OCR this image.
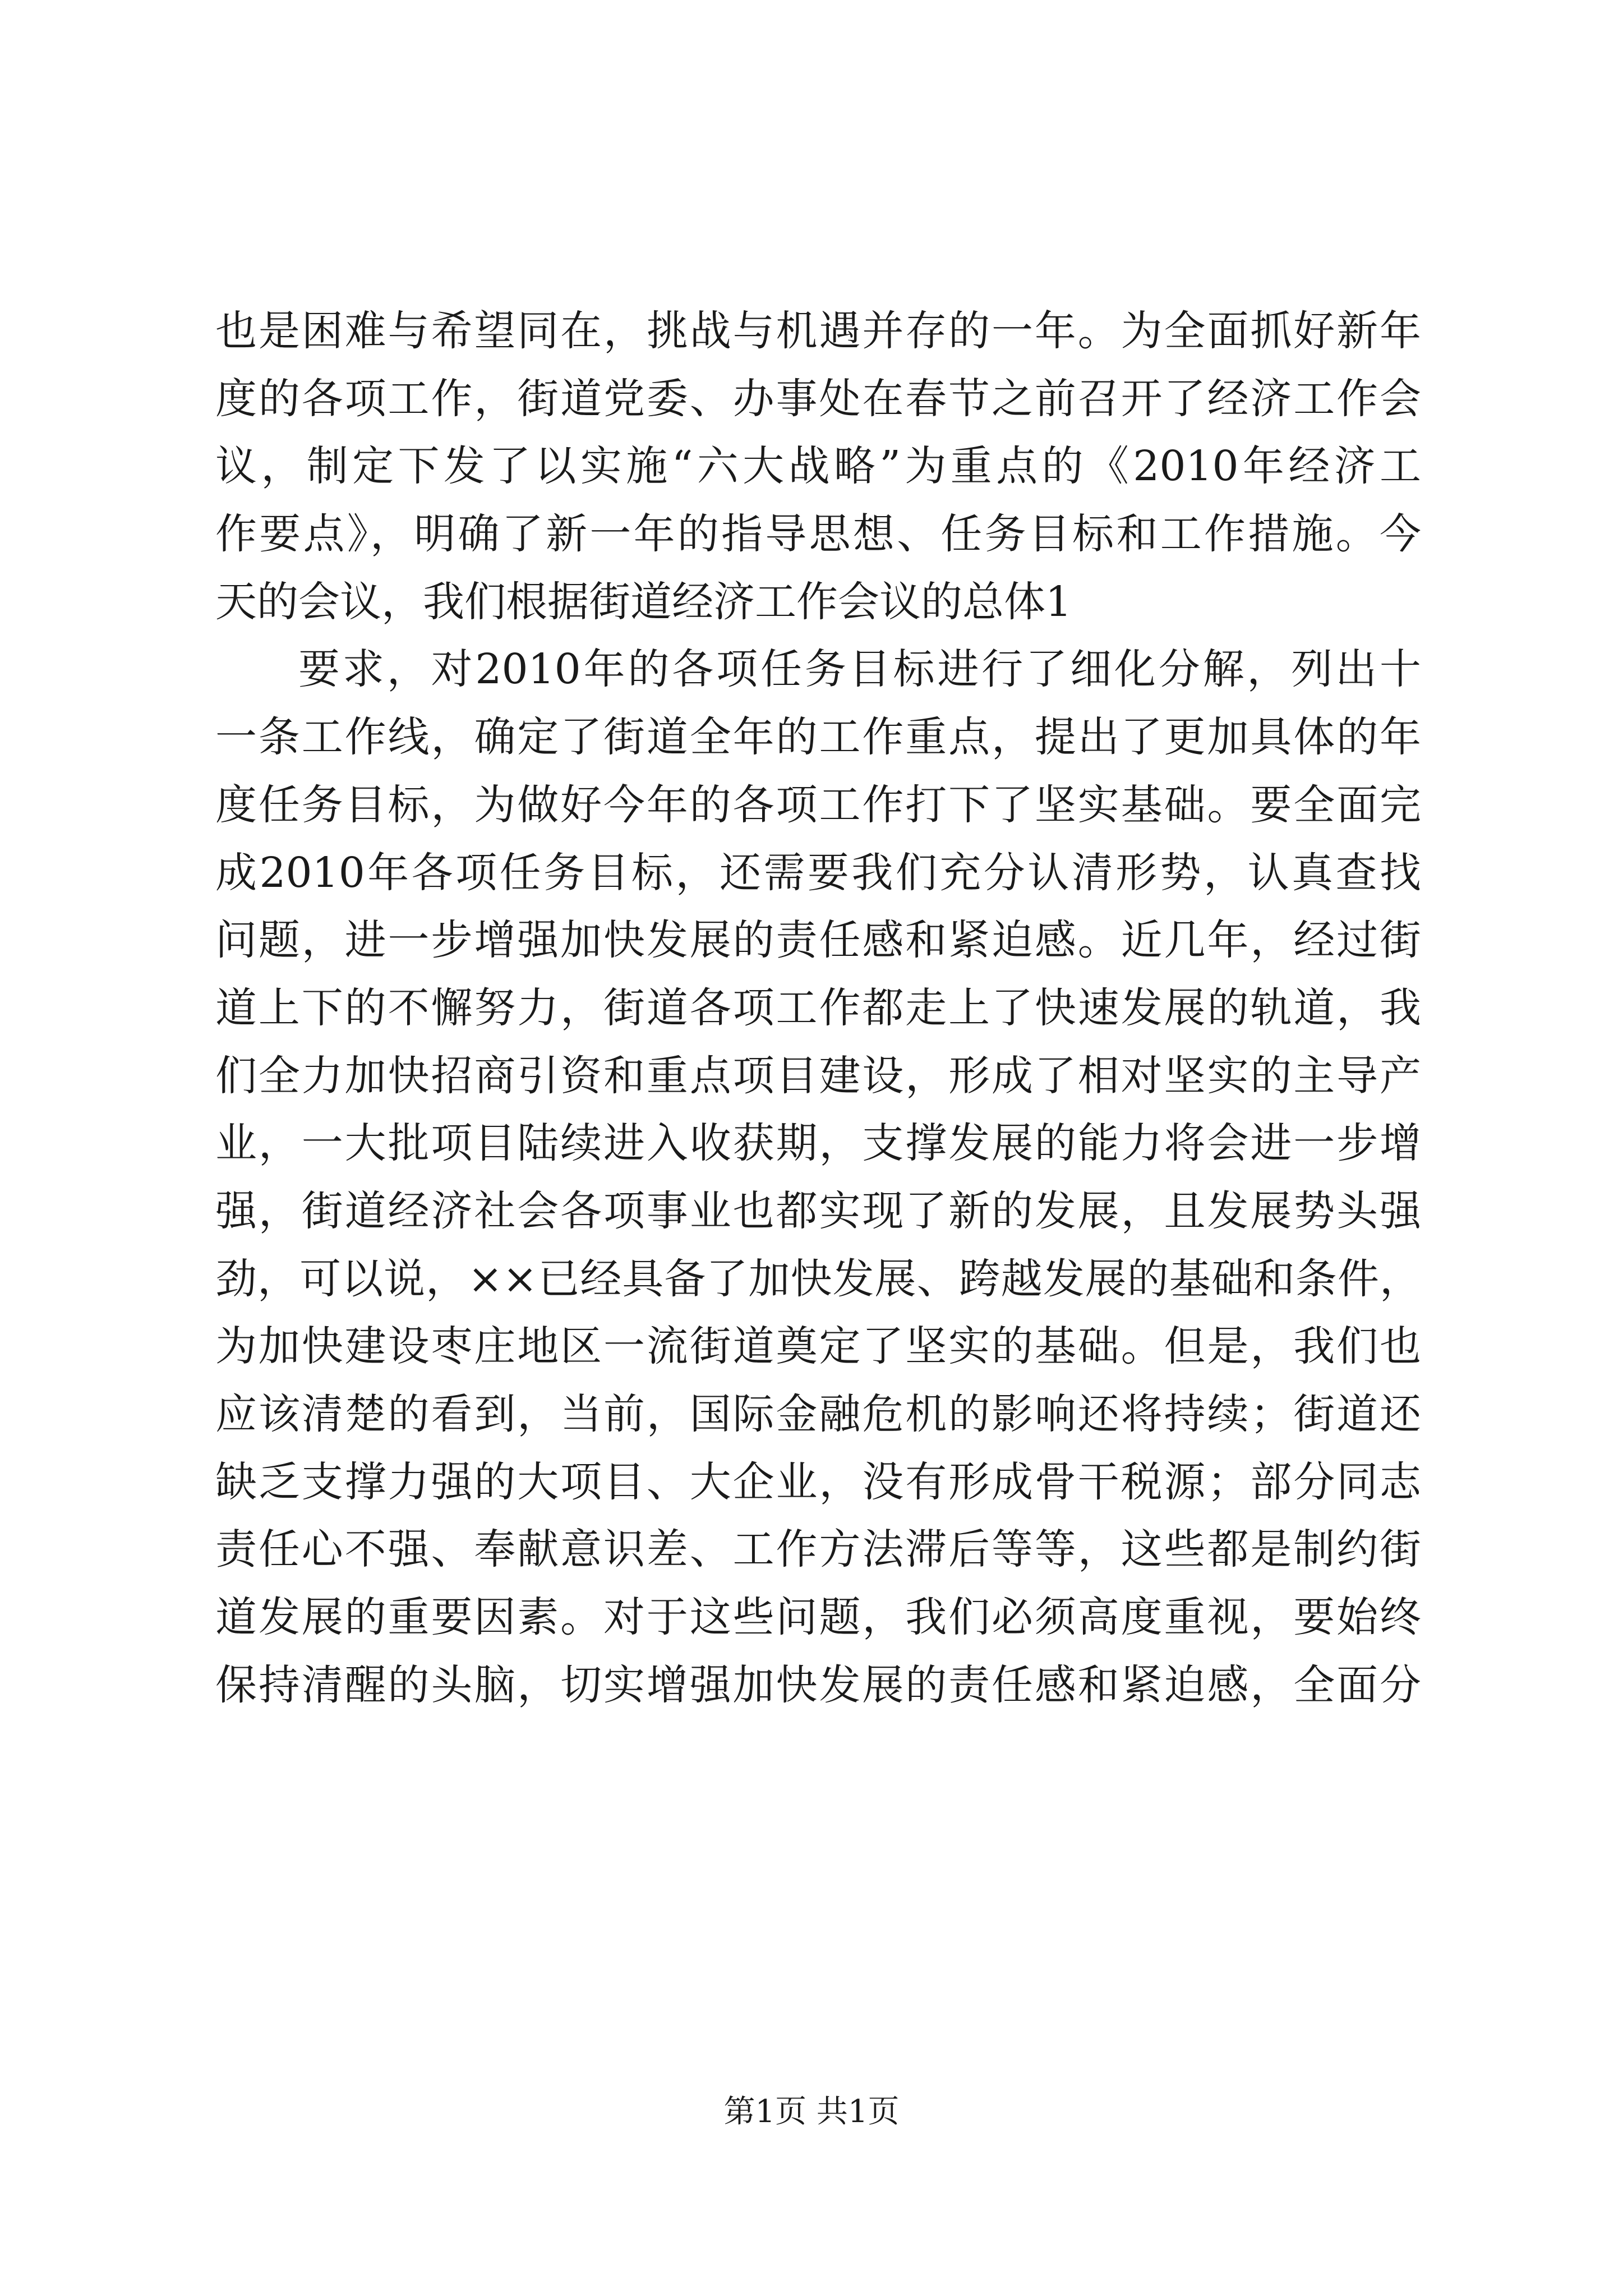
也是困难与希望同在，挑战与机遇并存的一年。为全面抓好新年
度的各项工作，街道党委、办事处在春节之前召开了经济工作会
议，制定下发了以实施“六大战略”为重点的《2010年经济工
作要点》，明确了新一年的指导思想、任务目标和工作措施。今
天的会议，我们根据街道经济工作会议的总体1
要求，对2010年的各项任务目标进行了细化分解，列出十
一条工作线，确定了街道全年的工作重点，提出了更加具体的年
度任务目标，为做好今年的各项工作打下了坚实基础。要全面完
成2010年各项任务目标，还需要我们充分认清形势，认真查找
问题，进一步增强加快发展的责任感和紧迫感。近几年，经过街
道上下的不懈努力，街道各项工作都走上了快速发展的轨道，我
们全力加快招商引资和重点项目建设，形成了相对坚实的主导产
业，一大批项目陆续进入收获期，支撑发展的能力将会进一步增
强，街道经济社会各项事业也都实现了新的发展，且发展势头强
劲，可以说，××已经具备了加快发展、跨越发展的基础和条件，
为加快建设枣庄地区一流街道奠定了坚实的基础。但是，我们也
应该清楚的看到，当前，国际金融危机的影响还将持续；街道还
缺乏支撑力强的大项目、大企业，没有形成骨干税源；部分同志
责任心不强、奉献意识差、工作方法滞后等等，这些都是制约街
道发展的重要因素。对于这些问题，我们必须高度重视，要始终
保持清醒的头脑，切实增强加快发展的责任感和紧迫感，全面分
第1页 共1页
